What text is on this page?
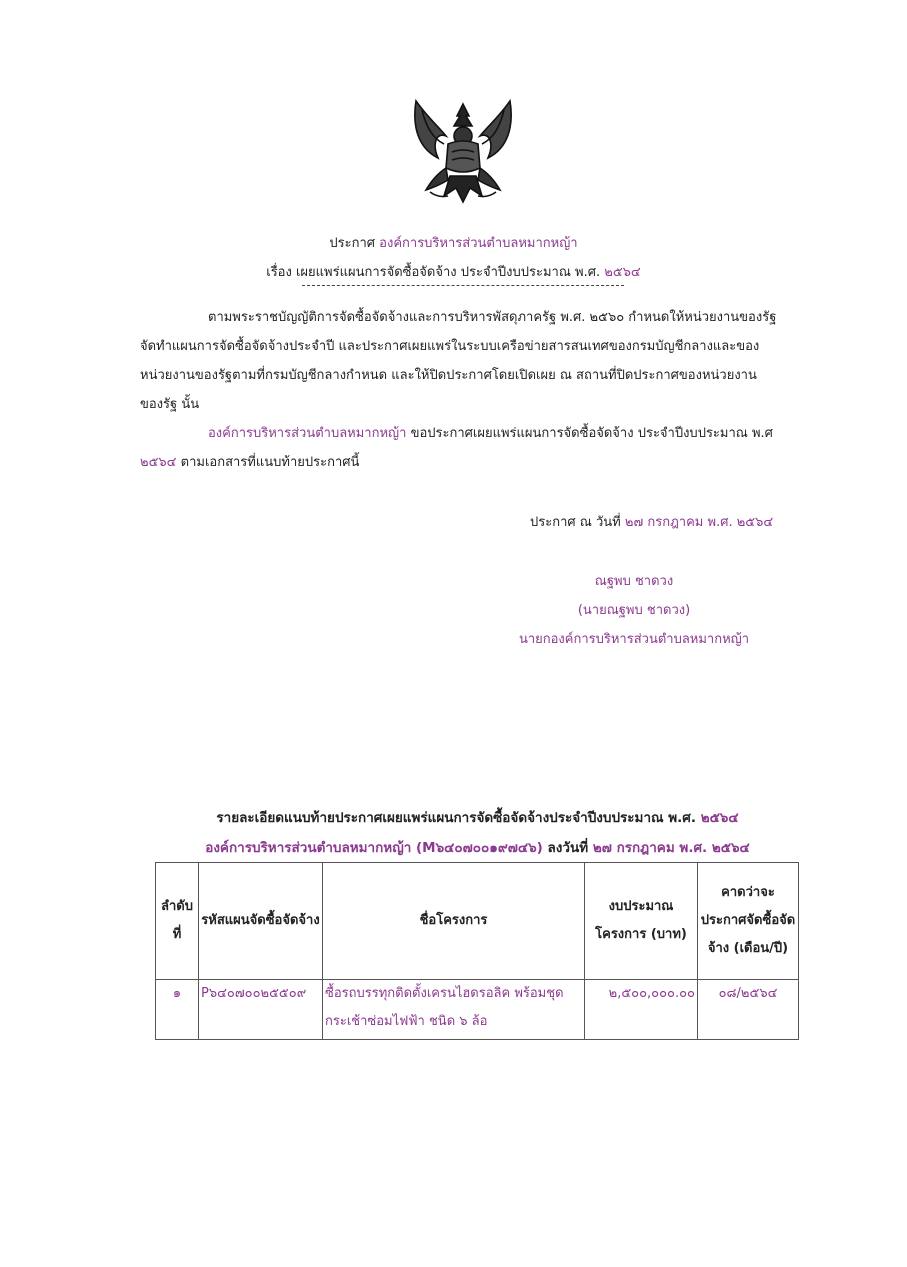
ประกาศ องค์การบริหารส่วนตำบลหมากหญ้า
เรื่อง เผยแพร่แผนการจัดซื้อจัดจ้าง ประจำปีงบประมาณ พ.ศ. ๒๕๖๔
ตามพระราชบัญญัติการจัดซื้อจัดจ้างและการบริหารพัสดุภาครัฐ พ.ศ. ๒๕๖๐ กำหนดให้หน่วยงานของรัฐ
จัดทำแผนการจัดซื้อจัดจ้างประจำปี และประกาศเผยแพร่ในระบบเครือข่ายสารสนเทศของกรมบัญชีกลางและของ
หน่วยงานของรัฐตามที่กรมบัญชีกลางกำหนด และให้ปิดประกาศโดยเปิดเผย ณ สถานที่ปิดประกาศของหน่วยงาน
ของรัฐ นั้น
องค์การบริหารส่วนตำบลหมากหญ้า ขอประกาศเผยแพร่แผนการจัดซื้อจัดจ้าง ประจำปีงบประมาณ พ.ศ
๒๕๖๔ ตามเอกสารที่แนบท้ายประกาศนี้
ประกาศ ณ วันที่ ๒๗ กรกฎาคม พ.ศ. ๒๕๖๔
ณฐพบ ชาดวง
(นายณฐพบ ชาดวง)
นายกองค์การบริหารส่วนตำบลหมากหญ้า
รายละเอียดแนบท้ายประกาศเผยแพร่แผนการจัดซื้อจัดจ้างประจำปีงบประมาณ พ.ศ. ๒๕๖๔
องค์การบริหารส่วนตำบลหมากหญ้า (M๖๔๐๗๐๐๑๙๗๔๖) ลงวันที่ ๒๗ กรกฎาคม พ.ศ. ๒๕๖๔
ลำดับที่	รหัสแผนจัดซื้อจัดจ้าง	ชื่อโครงการ	งบประมาณโครงการ (บาท)	คาดว่าจะประกาศจัดซื้อจัดจ้าง (เดือน/ปี)
๑	P๖๔๐๗๐๐๒๕๕๐๙	ซื้อรถบรรทุกติดตั้งเครนไฮดรอลิค พร้อมชุดกระเช้าซ่อมไฟฟ้า ชนิด ๖ ล้อ	๒,๕๐๐,๐๐๐.๐๐	๐๘/๒๕๖๔
